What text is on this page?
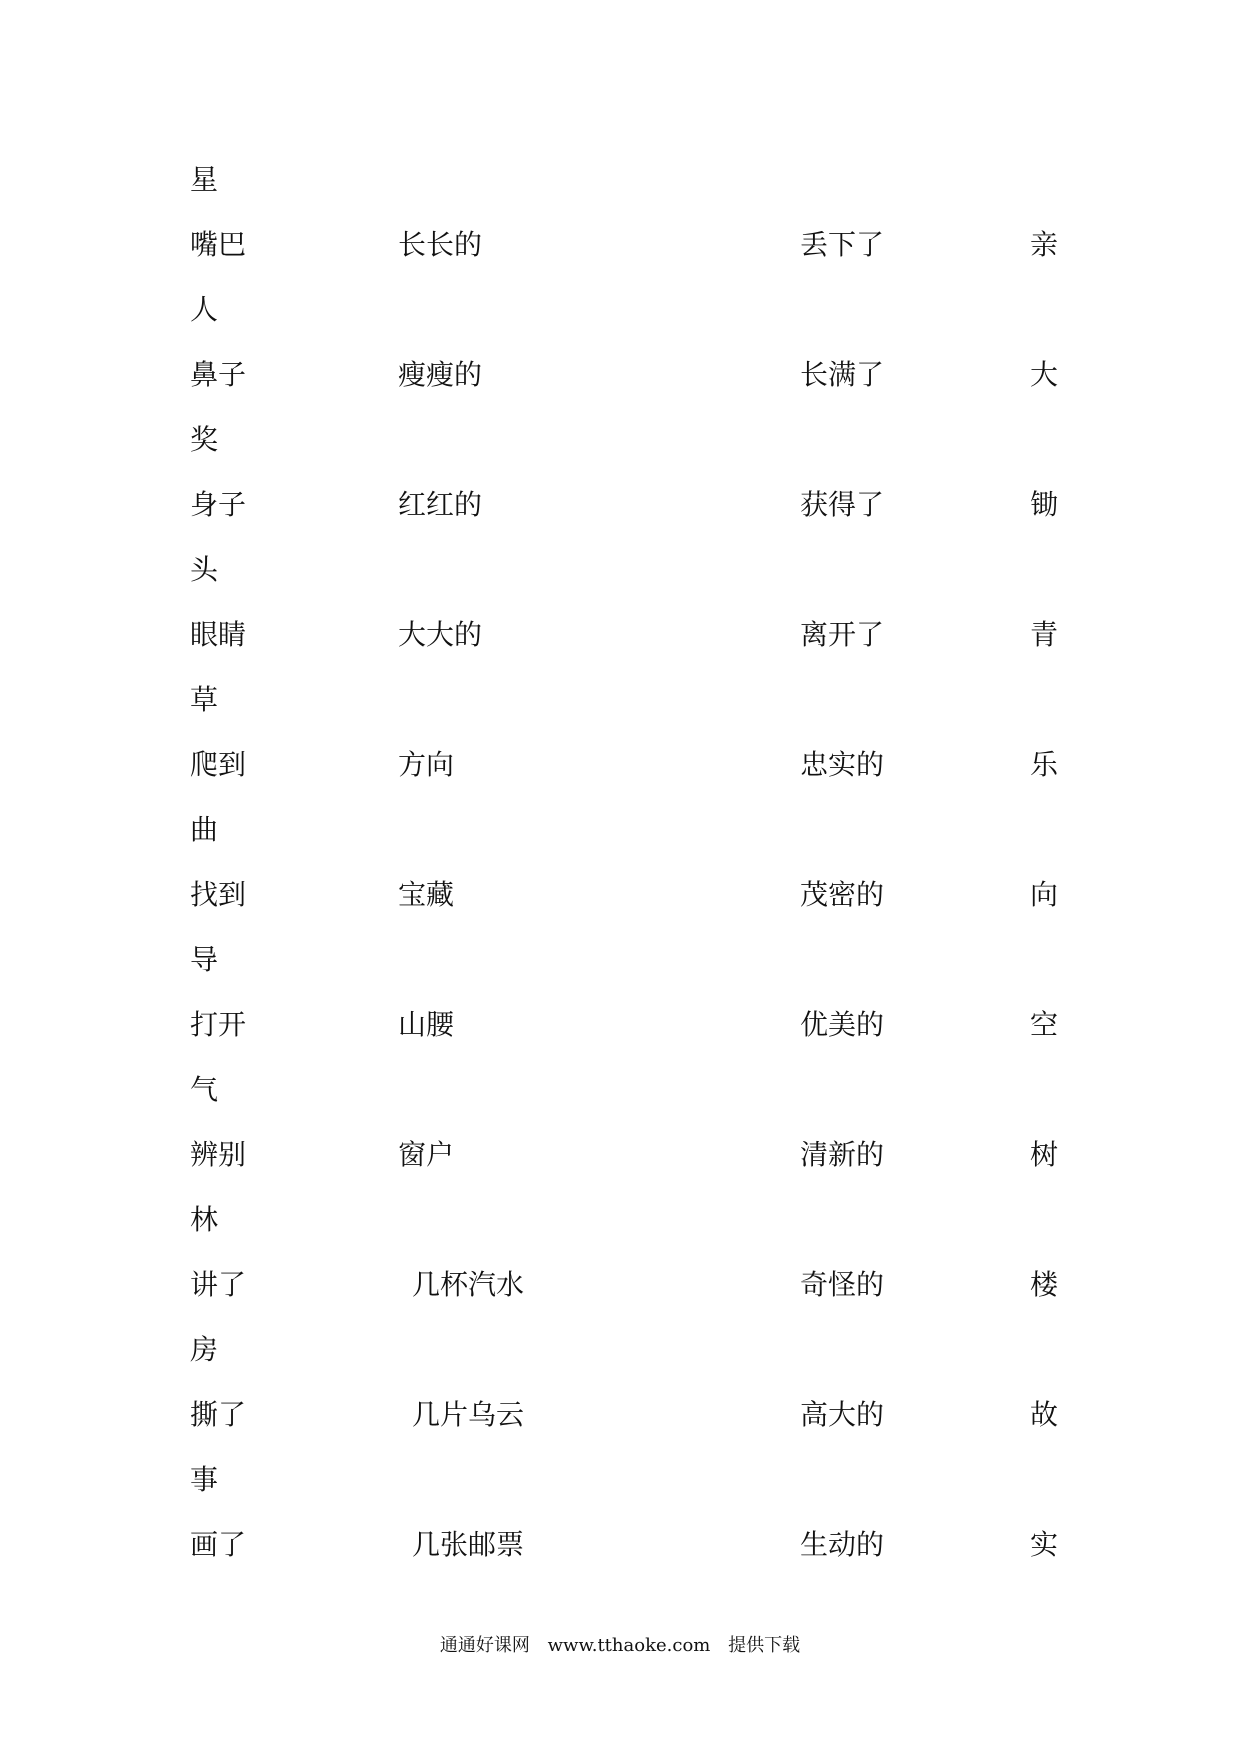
星
嘴巴	长长的	丢下了	亲
人
鼻子	瘦瘦的	长满了	大
奖
身子	红红的	获得了	锄
头
眼睛	大大的	离开了	青
草
爬到	方向	忠实的	乐
曲
找到	宝藏	茂密的	向
导
打开	山腰	优美的	空
气
辨别	窗户	清新的	树
林
讲了	几杯汽水	奇怪的	楼
房
撕了	几片乌云	高大的	故
事
画了	几张邮票	生动的	实
通通好课网 www.tthaoke.com 提供下载
